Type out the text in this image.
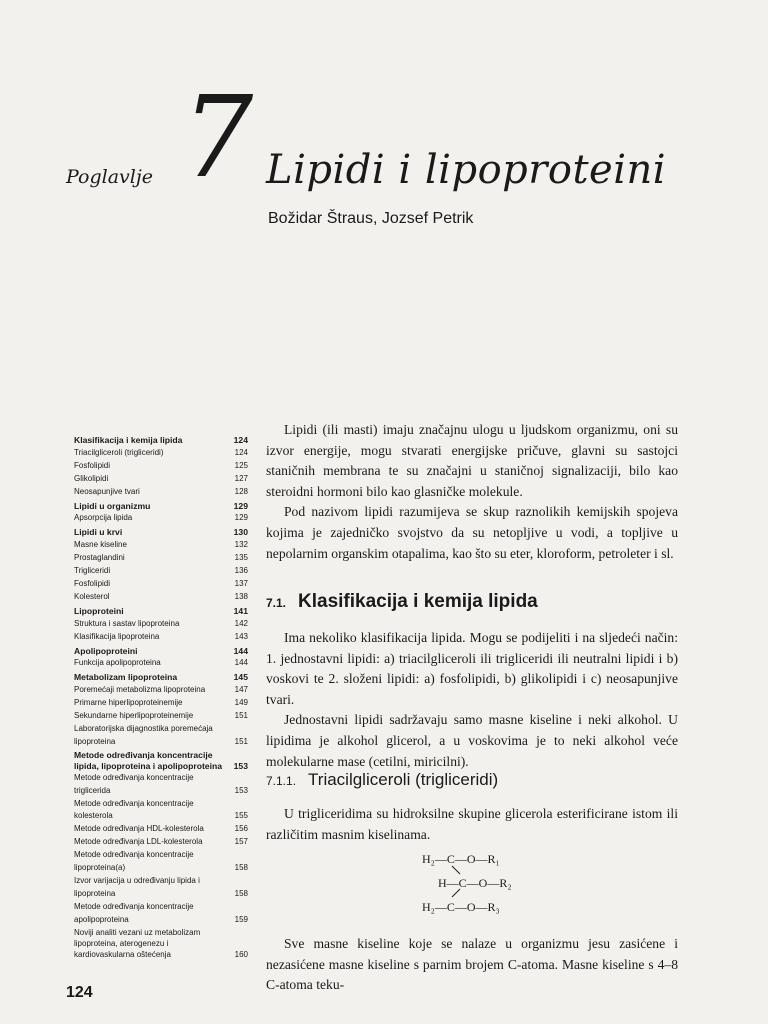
Poglavlje 7 Lipidi i lipoproteini
Božidar Štraus, Jozsef Petrik
Klasifikacija i kemija lipida	124
Triacilgliceroli (trigliceridi)	124
Fosfolipidi	125
Glikolipidi	127
Neosapunjive tvari	128
Lipidi u organizmu	129
Apsorpcija lipida	129
Lipidi u krvi	130
Masne kiseline	132
Prostaglandini	135
Trigliceridi	136
Fosfolipidi	137
Kolesterol	138
Lipoproteini	141
Struktura i sastav lipoproteina	142
Klasifikacija lipoproteina	143
Apolipoproteini	144
Funkcija apolipoproteina	144
Metabolizam lipoproteina	145
Poremećaji metabolizma lipoproteina	147
Primarne hiperlipoproteinemije	149
Sekundarne hiperlipoproteinemije	151
Laboratorijska dijagnostika poremećaja lipoproteina	151
Metode određivanja koncentracije lipida, lipoproteina i apolipoproteina	153
Metode određivanja koncentracije triglicerida	153
Metode određivanja koncentracije kolesterola	155
Metode određivanja HDL-kolesterola	156
Metode određivanja LDL-kolesterola	157
Metode određivanja koncentracije lipoproteina(a)	158
Izvor varijacija u određivanju lipida i lipoproteina	158
Metode određivanja koncentracije apolipoproteina	159
Noviji analiti vezani uz metabolizam lipoproteina, aterogenezu i kardiovaskularna oštećenja	160

Lipidi (ili masti) imaju značajnu ulogu u ljudskom organizmu, oni su izvor energije, mogu stvarati energijske pričuve, glavni su sastojci staničnih membrana te su značajni u staničnoj signalizaciji, bilo kao steroidni hormoni bilo kao glasničke molekule.

Pod nazivom lipidi razumijeva se skup raznolikih kemijskih spojeva kojima je zajedničko svojstvo da su netopljive u vodi, a topljive u nepolarnim organskim otapalima, kao što su eter, kloroform, petroleter i sl.

7.1. Klasifikacija i kemija lipida

Ima nekoliko klasifikacija lipida. Mogu se podijeliti i na sljedeći način: 1. jednostavni lipidi: a) triacilgliceroli ili trigliceridi ili neutralni lipidi i b) voskovi te 2. složeni lipidi: a) fosfolipidi, b) glikolipidi i c) neosapunjive tvari.

Jednostavni lipidi sadržavaju samo masne kiseline i neki alkohol. U lipidima je alkohol glicerol, a u voskovima je to neki alkohol veće molekularne mase (cetilni, miricilni).

7.1.1. Triacilgliceroli (trigliceridi)

U trigliceridima su hidroksilne skupine glicerola esterificirane istom ili različitim masnim kiselinama.

H₂—C—O—R₁
H—C—O—R₂
H₂—C—O—R₃

Sve masne kiseline koje se nalaze u organizmu jesu zasićene i nezasićene masne kiseline s parnim brojem C-atoma. Masne kiseline s 4–8 C-atoma teku-

124
